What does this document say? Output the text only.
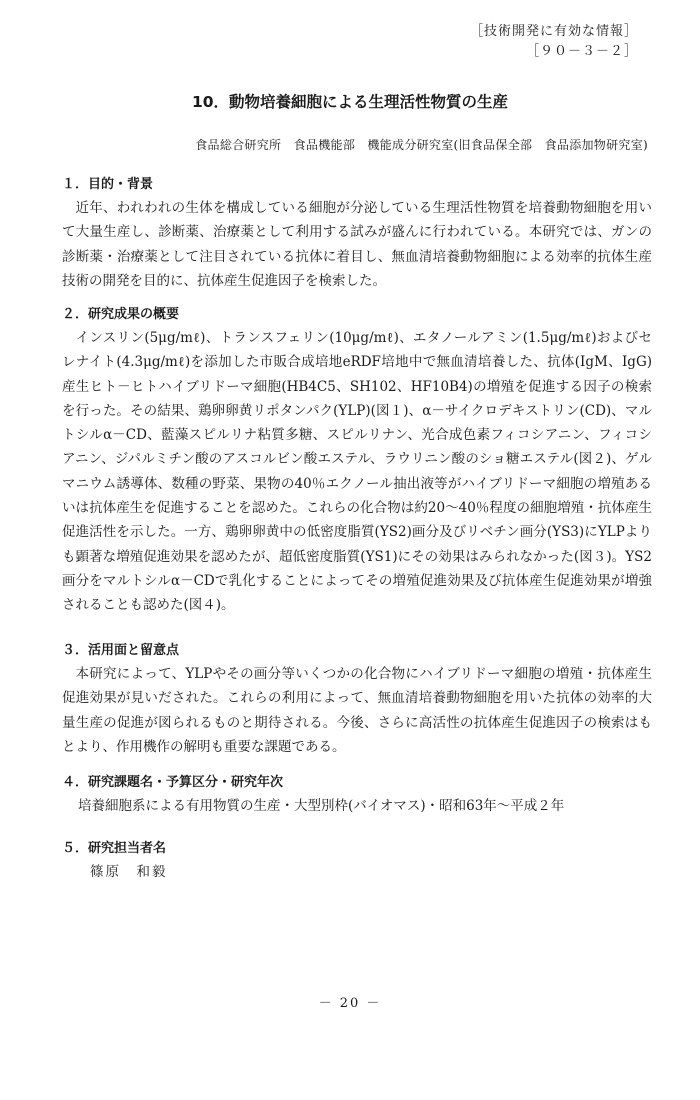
［技術開発に有効な情報］
［９０－３－２］
10．動物培養細胞による生理活性物質の生産
食品総合研究所　食品機能部　機能成分研究室(旧食品保全部　食品添加物研究室)
１．目的・背景
近年、われわれの生体を構成している細胞が分泌している生理活性物質を培養動物細胞を用いて大量生産し、診断薬、治療薬として利用する試みが盛んに行われている。本研究では、ガンの診断薬・治療薬として注目されている抗体に着目し、無血清培養動物細胞による効率的抗体生産技術の開発を目的に、抗体産生促進因子を検索した。
２．研究成果の概要
インスリン(5μg/mℓ)、トランスフェリン(10μg/mℓ)、エタノールアミン(1.5μg/mℓ)およびセレナイト(4.3μg/mℓ)を添加した市販合成培地eRDF培地中で無血清培養した、抗体(IgM、IgG)産生ヒト－ヒトハイブリドーマ細胞(HB4C5、SH102、HF10B4)の増殖を促進する因子の検索を行った。その結果、鶏卵卵黄リポタンパク(YLP)(図１)、α－サイクロデキストリン(CD)、マルトシルα－CD、藍藻スピルリナ粘質多糖、スピルリナン、光合成色素フィコシアニン、フィコシアニン、ジパルミチン酸のアスコルビン酸エステル、ラウリニン酸のショ糖エステル(図２)、ゲルマニウム誘導体、数種の野菜、果物の40％エクノール抽出液等がハイブリドーマ細胞の増殖あるいは抗体産生を促進することを認めた。これらの化合物は約20～40％程度の細胞増殖・抗体産生促進活性を示した。一方、鶏卵卵黄中の低密度脂質(YS2)画分及びリベチン画分(YS3)にYLPよりも顕著な増殖促進効果を認めたが、超低密度脂質(YS1)にその効果はみられなかった(図３)。YS2画分をマルトシルα－CDで乳化することによってその増殖促進効果及び抗体産生促進効果が増強されることも認めた(図４)。
３．活用面と留意点
本研究によって、YLPやその画分等いくつかの化合物にハイブリドーマ細胞の増殖・抗体産生促進効果が見いだされた。これらの利用によって、無血清培養動物細胞を用いた抗体の効率的大量生産の促進が図られるものと期待される。今後、さらに高活性の抗体産生促進因子の検索はもとより、作用機作の解明も重要な課題である。
４．研究課題名・予算区分・研究年次
培養細胞系による有用物質の生産・大型別枠(バイオマス)・昭和63年～平成２年
５．研究担当者名
篠原　和毅
－ 20 －
